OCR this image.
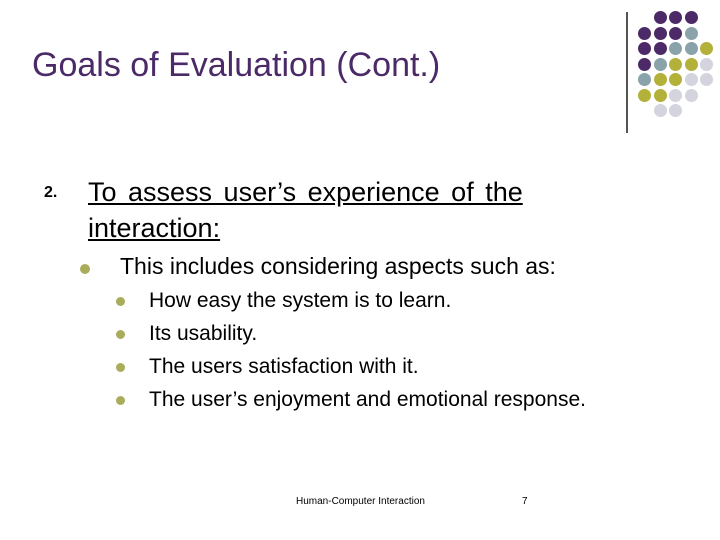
Goals of Evaluation (Cont.)
2. To assess user’s experience of the interaction:
This includes considering aspects such as:
How easy the system is to learn.
Its usability.
The users satisfaction with it.
The user’s enjoyment and emotional response.
Human-Computer Interaction	7
